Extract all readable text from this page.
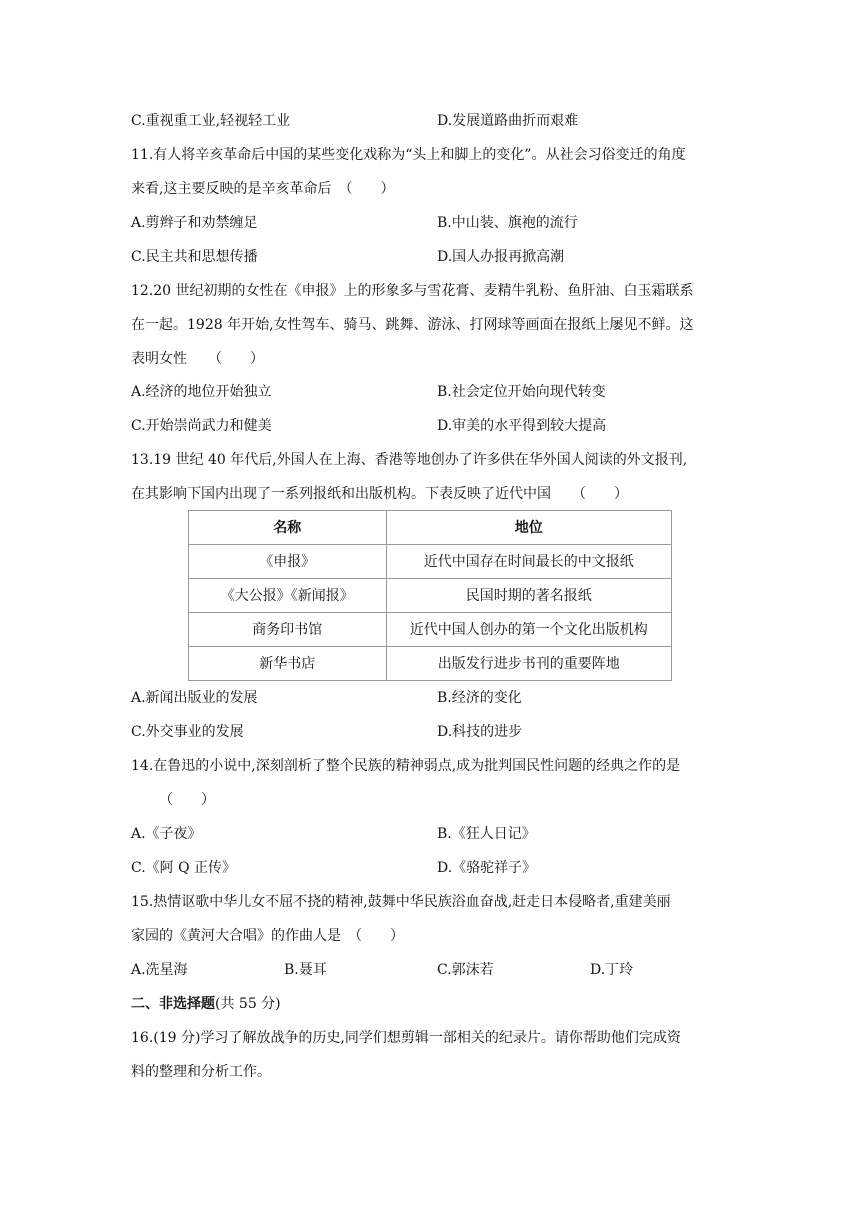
C.重视重工业,轻视轻工业	D.发展道路曲折而艰难
11.有人将辛亥革命后中国的某些变化戏称为“头上和脚上的变化”。从社会习俗变迁的角度
来看,这主要反映的是辛亥革命后　（　　）
A.剪辫子和劝禁缠足	B.中山装、旗袍的流行
C.民主共和思想传播	D.国人办报再掀高潮
12.20 世纪初期的女性在《申报》上的形象多与雪花膏、麦精牛乳粉、鱼肝油、白玉霜联系
在一起。1928 年开始,女性驾车、骑马、跳舞、游泳、打网球等画面在报纸上屡见不鲜。这
表明女性　　（　　）
A.经济的地位开始独立	B.社会定位开始向现代转变
C.开始崇尚武力和健美	D.审美的水平得到较大提高
13.19 世纪 40 年代后,外国人在上海、香港等地创办了许多供在华外国人阅读的外文报刊,
在其影响下国内出现了一系列报纸和出版机构。下表反映了近代中国　　（　　）
名称	地位
《申报》	近代中国存在时间最长的中文报纸
《大公报》《新闻报》	民国时期的著名报纸
商务印书馆	近代中国人创办的第一个文化出版机构
新华书店	出版发行进步书刊的重要阵地
A.新闻出版业的发展	B.经济的变化
C.外交事业的发展	D.科技的进步
14.在鲁迅的小说中,深刻剖析了整个民族的精神弱点,成为批判国民性问题的经典之作的是
（　　）
A.《子夜》	B.《狂人日记》
C.《阿 Q 正传》	D.《骆驼祥子》
15.热情讴歌中华儿女不屈不挠的精神,鼓舞中华民族浴血奋战,赶走日本侵略者,重建美丽
家园的《黄河大合唱》的作曲人是　（　　）
A.冼星海	B.聂耳	C.郭沫若	D.丁玲
二、非选择题(共 55 分)
16.(19 分)学习了解放战争的历史,同学们想剪辑一部相关的纪录片。请你帮助他们完成资
料的整理和分析工作。
